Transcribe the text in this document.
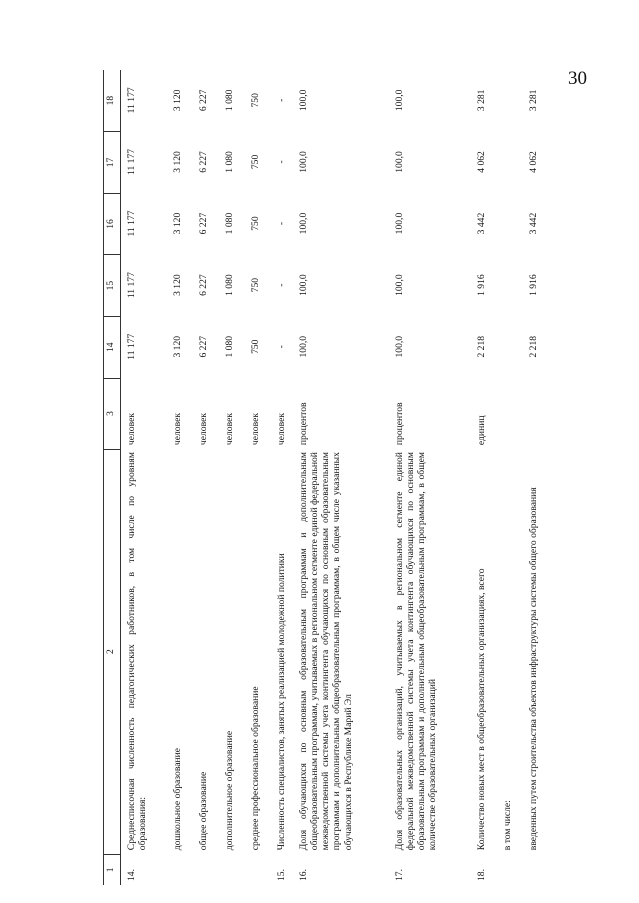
30
1	2	3	14	15	16	17	18
14.	Среднесписочная численность педагогических работников, в том числе по уровням образования:	человек	11 177	11 177	11 177	11 177	11 177
	дошкольное образование	человек	3 120	3 120	3 120	3 120	3 120
	общее образование	человек	6 227	6 227	6 227	6 227	6 227
	дополнительное образование	человек	1 080	1 080	1 080	1 080	1 080
	среднее профессиональное образование	человек	750	750	750	750	750
15.	Численность специалистов, занятых реализацией молодежной политики	человек	-	-	-	-	-
16.	Доля обучающихся по основным образовательным программам и дополнительным общеобразовательным программам, учитываемых в региональном сегменте единой федеральной межведомственной системы учета контингента обучающихся по основным образовательным программам и дополнительным общеобразовательным программам, в общем числе указанных обучающихся в Республике Марий Эл	процентов	100,0	100,0	100,0	100,0	100,0
17.	Доля образовательных организаций, учитываемых в региональном сегменте единой федеральной межведомственной системы учета контингента обучающихся по основным образовательным программам и дополнительным общеобразовательным программам, в общем количестве образовательных организаций	процентов	100,0	100,0	100,0	100,0	100,0
18.	Количество новых мест в общеобразовательных организациях, всего	единиц	2 218	1 916	3 442	4 062	3 281
	в том числе:						
	введенных путем строительства объектов инфраструктуры системы общего образования		2 218	1 916	3 442	4 062	3 281
